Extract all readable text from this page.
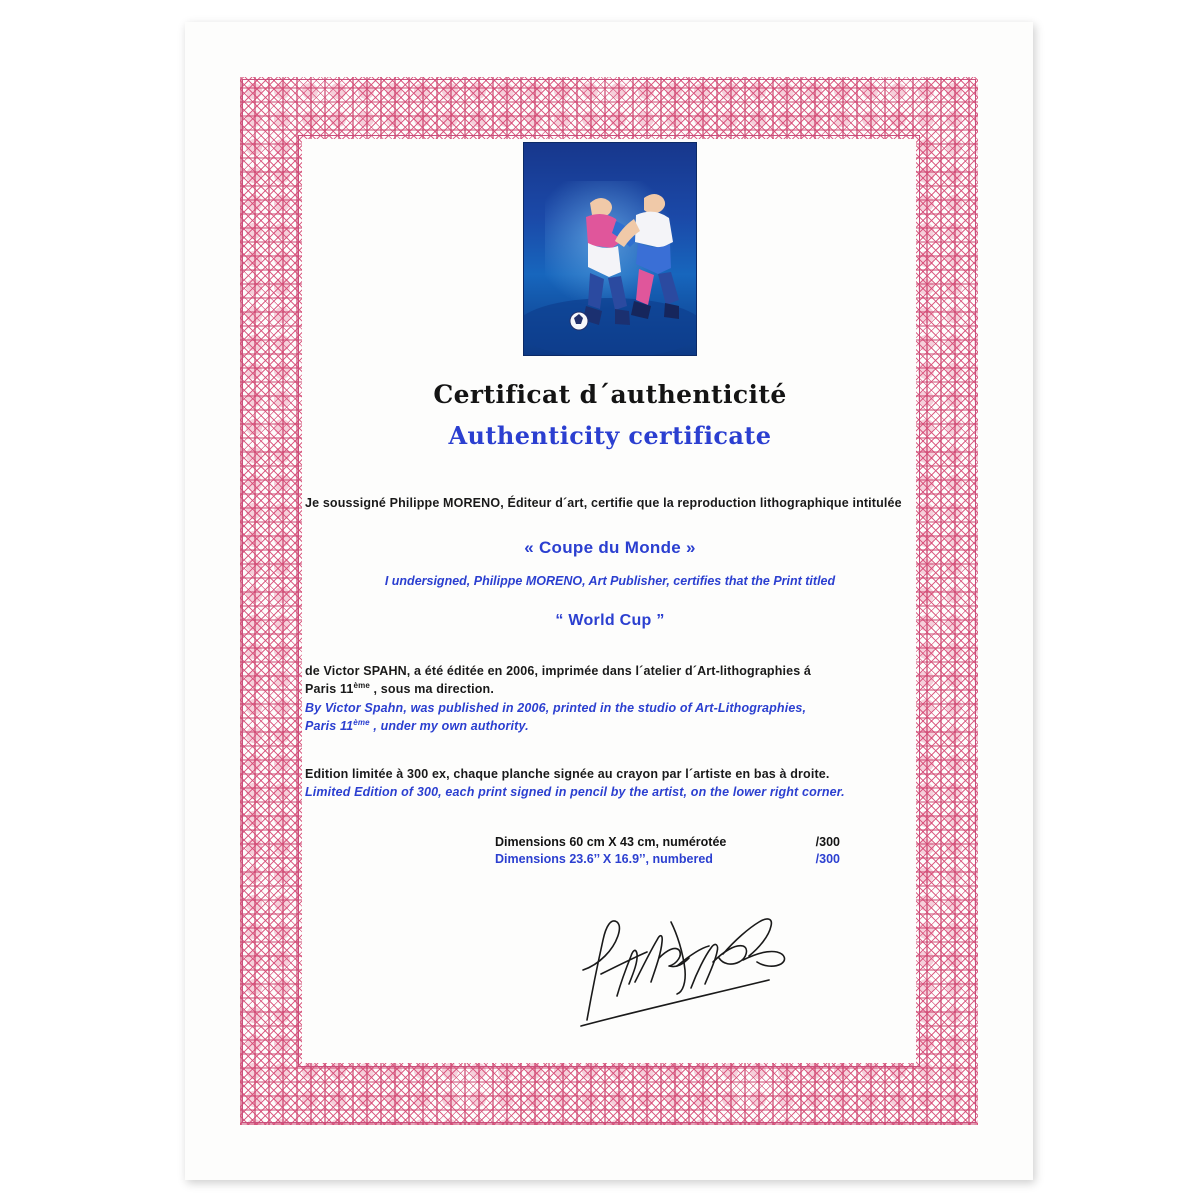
Certificat d´authenticité
Authenticity certificate
Je soussigné Philippe MORENO, Éditeur d´art, certifie que la reproduction lithographique intitulée
« Coupe du Monde »
I undersigned, Philippe MORENO, Art Publisher, certifies that the Print titled
“ World Cup ”
de Victor SPAHN, a été éditée en 2006, imprimée dans l´atelier d´Art-lithographies á
Paris 11ème , sous ma direction.
By Victor Spahn, was published in 2006, printed in the studio of Art-Lithographies,
Paris 11ème , under my own authority.
Edition limitée à 300 ex, chaque planche signée au crayon par l´artiste en bas à droite.
Limited Edition of 300, each print signed in pencil by the artist, on the lower right corner.
Dimensions 60 cm X 43 cm, numérotée	/300
Dimensions 23.6’’ X 16.9’’, numbered	/300
